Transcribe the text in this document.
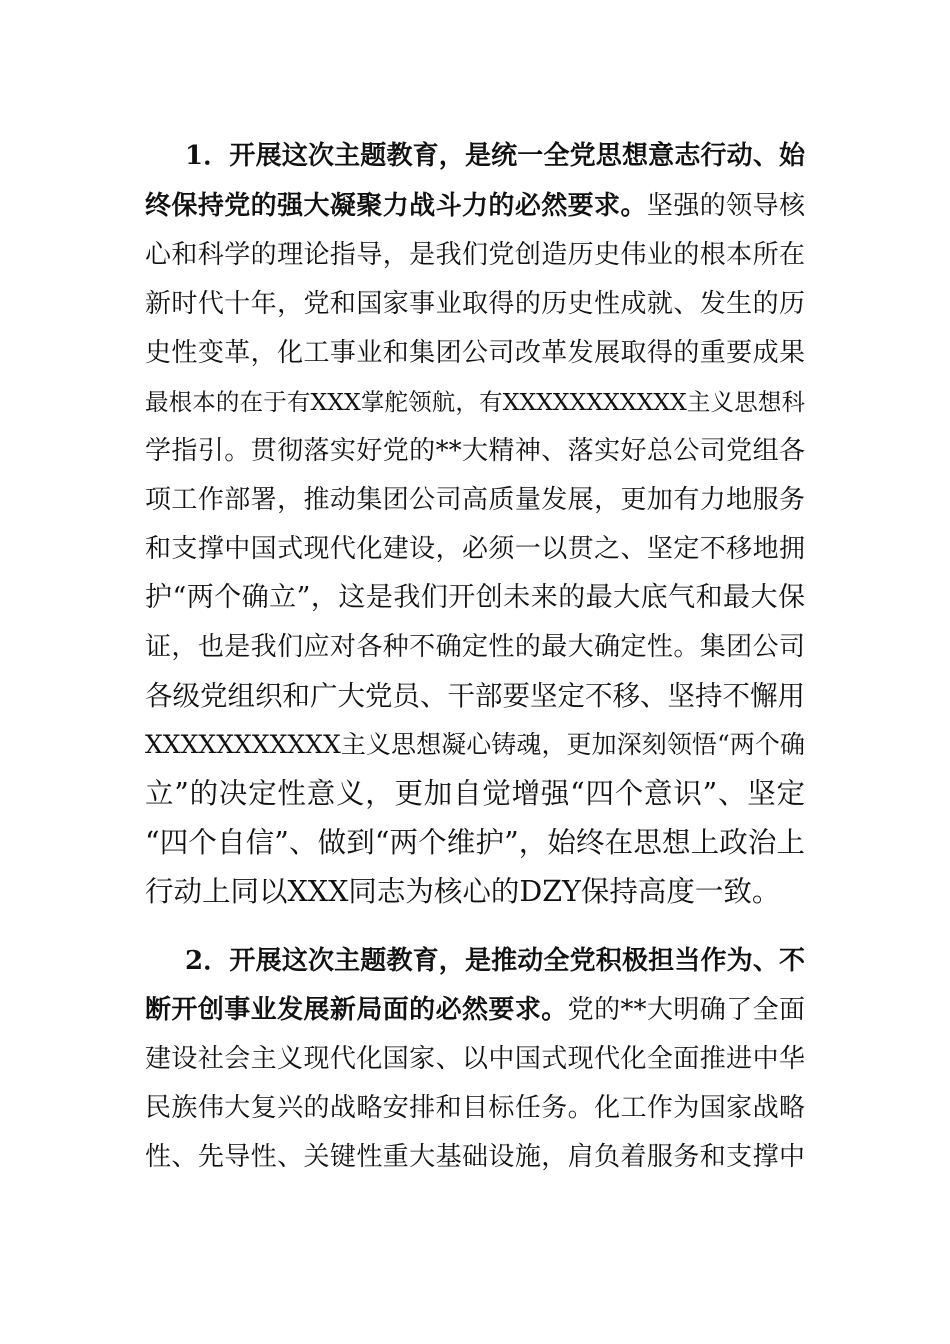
1．开展这次主题教育，是统一全党思想意志行动、始
终保持党的强大凝聚力战斗力的必然要求。坚强的领导核
心和科学的理论指导，是我们党创造历史伟业的根本所在
新时代十年，党和国家事业取得的历史性成就、发生的历
史性变革，化工事业和集团公司改革发展取得的重要成果
最根本的在于有XXX掌舵领航，有XXXXXXXXXXX主义思想科
学指引。贯彻落实好党的**大精神、落实好总公司党组各
项工作部署，推动集团公司高质量发展，更加有力地服务
和支撑中国式现代化建设，必须一以贯之、坚定不移地拥
护“两个确立”，这是我们开创未来的最大底气和最大保
证，也是我们应对各种不确定性的最大确定性。集团公司
各级党组织和广大党员、干部要坚定不移、坚持不懈用
XXXXXXXXXXX主义思想凝心铸魂，更加深刻领悟“两个确
立”的决定性意义，更加自觉增强“四个意识”、坚定
“四个自信”、做到“两个维护”，始终在思想上政治上
行动上同以XXX同志为核心的DZY保持高度一致。
2．开展这次主题教育，是推动全党积极担当作为、不
断开创事业发展新局面的必然要求。党的**大明确了全面
建设社会主义现代化国家、以中国式现代化全面推进中华
民族伟大复兴的战略安排和目标任务。化工作为国家战略
性、先导性、关键性重大基础设施，肩负着服务和支撑中
